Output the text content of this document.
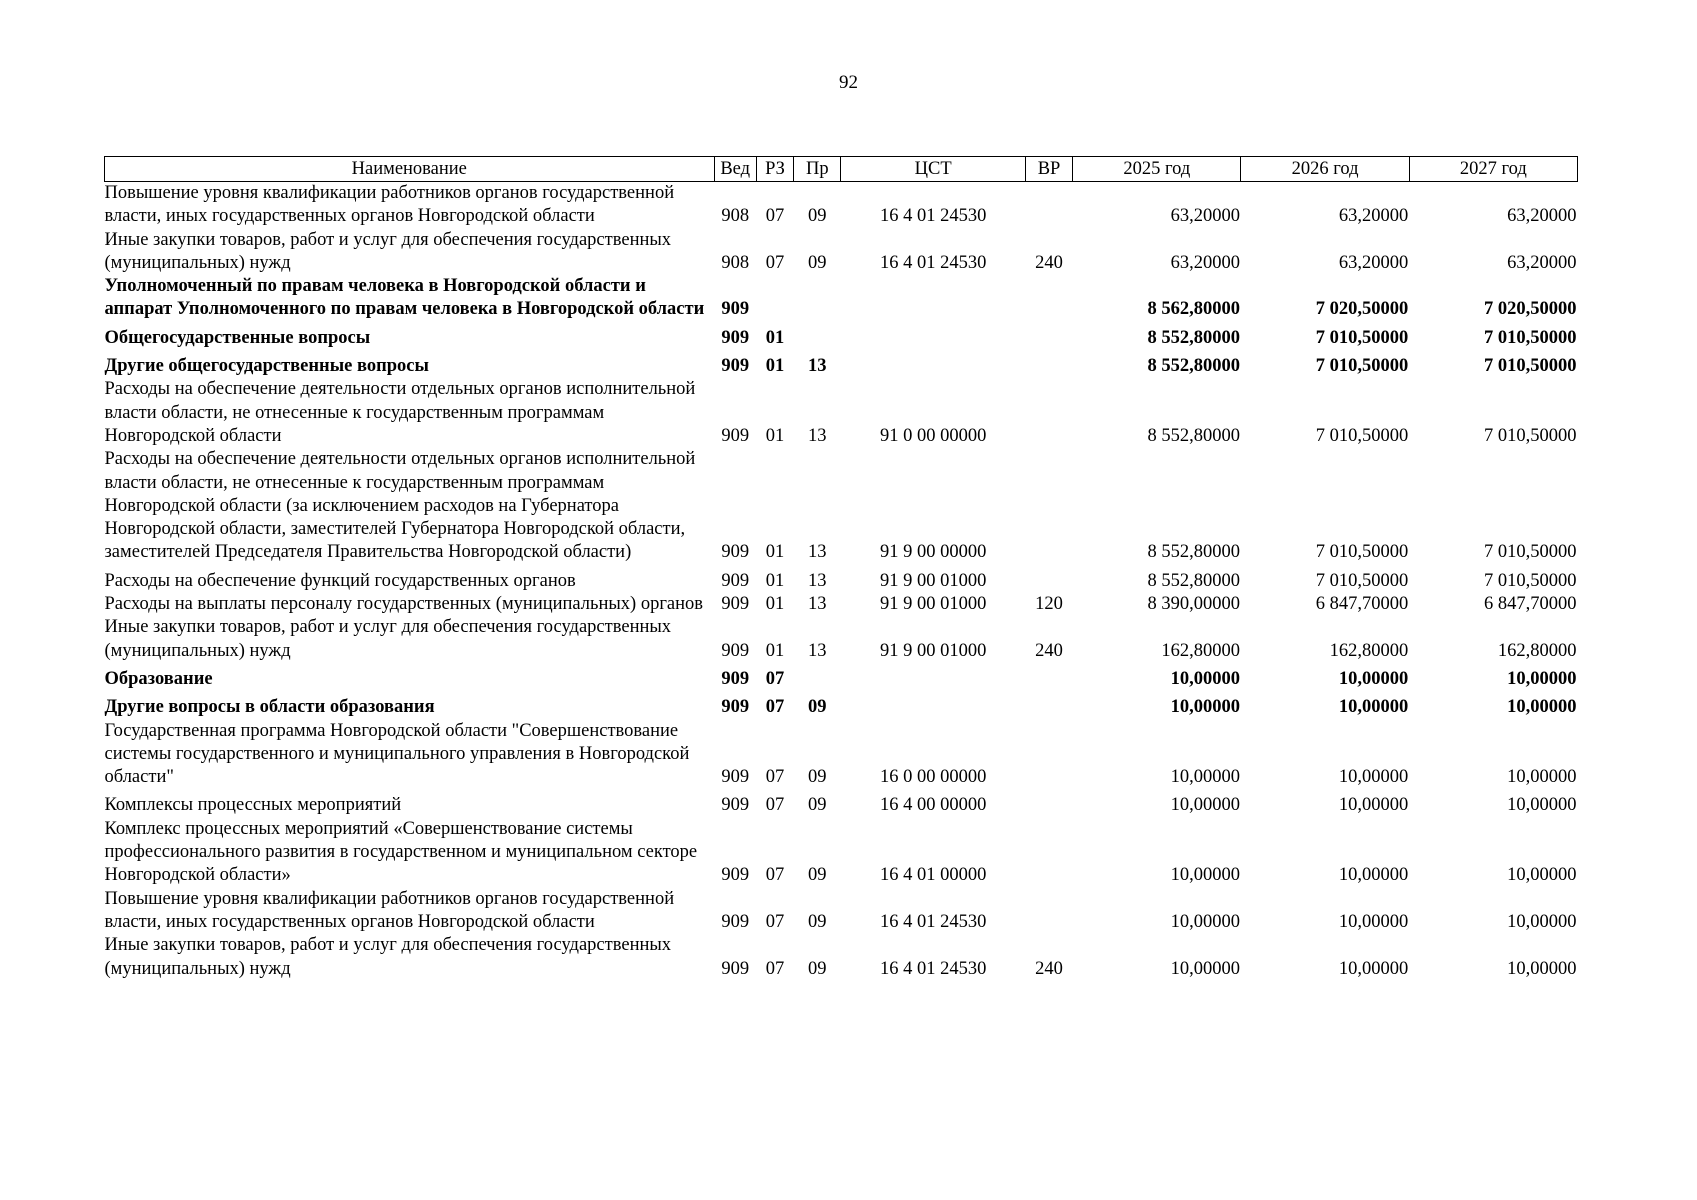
92
Наименование	Вед	РЗ	Пр	ЦСТ	ВР	2025 год	2026 год	2027 год
Повышение уровня квалификации работников органов государственной власти, иных государственных органов Новгородской области	908	07	09	16 4 01 24530		63,20000	63,20000	63,20000
Иные закупки товаров, работ и услуг для обеспечения государственных (муниципальных) нужд	908	07	09	16 4 01 24530	240	63,20000	63,20000	63,20000
Уполномоченный по правам человека в Новгородской области и аппарат Уполномоченного по правам человека в Новгородской области	909					8 562,80000	7 020,50000	7 020,50000
Общегосударственные вопросы	909	01				8 552,80000	7 010,50000	7 010,50000
Другие общегосударственные вопросы	909	01	13			8 552,80000	7 010,50000	7 010,50000
Расходы на обеспечение деятельности отдельных органов исполнительной власти области, не отнесенные к государственным программам Новгородской области	909	01	13	91 0 00 00000		8 552,80000	7 010,50000	7 010,50000
Расходы на обеспечение деятельности отдельных органов исполнительной власти области, не отнесенные к государственным программам Новгородской области (за исключением расходов на Губернатора Новгородской области, заместителей Губернатора Новгородской области, заместителей Председателя Правительства Новгородской области)	909	01	13	91 9 00 00000		8 552,80000	7 010,50000	7 010,50000
Расходы на обеспечение функций государственных органов	909	01	13	91 9 00 01000		8 552,80000	7 010,50000	7 010,50000
Расходы на выплаты персоналу государственных (муниципальных) органов	909	01	13	91 9 00 01000	120	8 390,00000	6 847,70000	6 847,70000
Иные закупки товаров, работ и услуг для обеспечения государственных (муниципальных) нужд	909	01	13	91 9 00 01000	240	162,80000	162,80000	162,80000
Образование	909	07				10,00000	10,00000	10,00000
Другие вопросы в области образования	909	07	09			10,00000	10,00000	10,00000
Государственная программа Новгородской области "Совершенствование системы государственного и муниципального управления в Новгородской области"	909	07	09	16 0 00 00000		10,00000	10,00000	10,00000
Комплексы процессных мероприятий	909	07	09	16 4 00 00000		10,00000	10,00000	10,00000
Комплекс процессных мероприятий «Совершенствование системы профессионального развития в государственном и муниципальном секторе Новгородской области»	909	07	09	16 4 01 00000		10,00000	10,00000	10,00000
Повышение уровня квалификации работников органов государственной власти, иных государственных органов Новгородской области	909	07	09	16 4 01 24530		10,00000	10,00000	10,00000
Иные закупки товаров, работ и услуг для обеспечения государственных (муниципальных) нужд	909	07	09	16 4 01 24530	240	10,00000	10,00000	10,00000
